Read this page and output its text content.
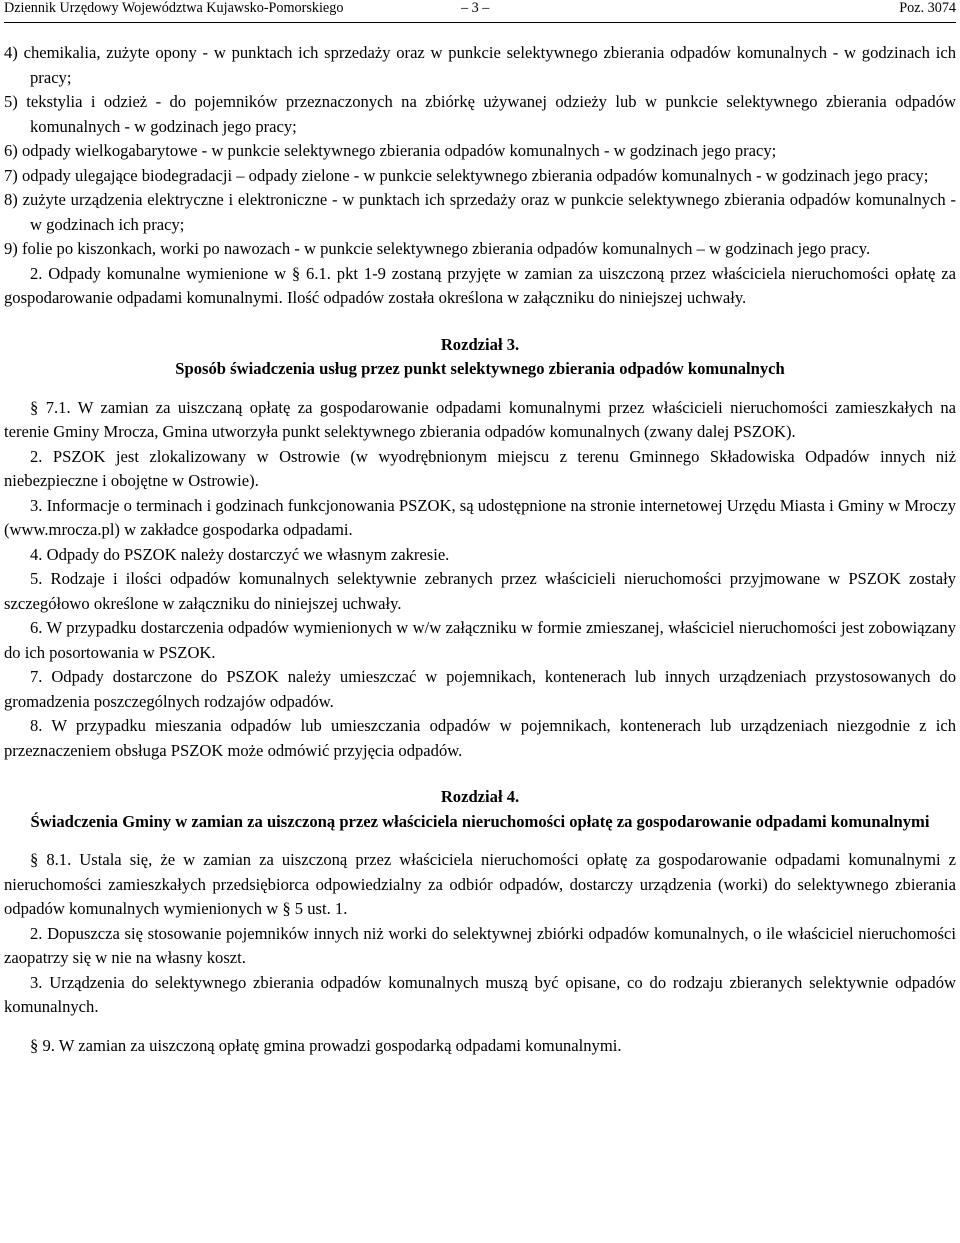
Dziennik Urzędowy Województwa Kujawsko-Pomorskiego	– 3 –	Poz. 3074

4) chemikalia, zużyte opony - w punktach ich sprzedaży oraz w punkcie selektywnego zbierania odpadów komunalnych - w godzinach ich pracy;

5) tekstylia i odzież - do pojemników przeznaczonych na zbiórkę używanej odzieży lub w punkcie selektywnego zbierania odpadów komunalnych - w godzinach jego pracy;

6) odpady wielkogabarytowe - w punkcie selektywnego zbierania odpadów komunalnych - w godzinach jego pracy;

7) odpady ulegające biodegradacji – odpady zielone - w punkcie selektywnego zbierania odpadów komunalnych - w godzinach jego pracy;

8) zużyte urządzenia elektryczne i elektroniczne - w punktach ich sprzedaży oraz w punkcie selektywnego zbierania odpadów komunalnych - w godzinach ich pracy;

9) folie po kiszonkach, worki po nawozach - w punkcie selektywnego zbierania odpadów komunalnych – w godzinach jego pracy.

2. Odpady komunalne wymienione w § 6.1. pkt 1-9 zostaną przyjęte w zamian za uiszczoną przez właściciela nieruchomości opłatę za gospodarowanie odpadami komunalnymi. Ilość odpadów została określona w załączniku do niniejszej uchwały.

Rozdział 3.

Sposób świadczenia usług przez punkt selektywnego zbierania odpadów komunalnych

§ 7.1. W zamian za uiszczaną opłatę za gospodarowanie odpadami komunalnymi przez właścicieli nieruchomości zamieszkałych na terenie Gminy Mrocza, Gmina utworzyła punkt selektywnego zbierania odpadów komunalnych (zwany dalej PSZOK).

2. PSZOK jest zlokalizowany w Ostrowie (w wyodrębnionym miejscu z terenu Gminnego Składowiska Odpadów innych niż niebezpieczne i obojętne w Ostrowie).

3. Informacje o terminach i godzinach funkcjonowania PSZOK, są udostępnione na stronie internetowej Urzędu Miasta i Gminy w Mroczy (www.mrocza.pl) w zakładce gospodarka odpadami.

4. Odpady do PSZOK należy dostarczyć we własnym zakresie.

5. Rodzaje i ilości odpadów komunalnych selektywnie zebranych przez właścicieli nieruchomości przyjmowane w PSZOK zostały szczegółowo określone w załączniku do niniejszej uchwały.

6. W przypadku dostarczenia odpadów wymienionych w w/w załączniku w formie zmieszanej, właściciel nieruchomości jest zobowiązany do ich posortowania w PSZOK.

7. Odpady dostarczone do PSZOK należy umieszczać w pojemnikach, kontenerach lub innych urządzeniach przystosowanych do gromadzenia poszczególnych rodzajów odpadów.

8. W przypadku mieszania odpadów lub umieszczania odpadów w pojemnikach, kontenerach lub urządzeniach niezgodnie z ich przeznaczeniem obsługa PSZOK może odmówić przyjęcia odpadów.

Rozdział 4.

Świadczenia Gminy w zamian za uiszczoną przez właściciela nieruchomości opłatę za gospodarowanie odpadami komunalnymi

§ 8.1. Ustala się, że w zamian za uiszczoną przez właściciela nieruchomości opłatę za gospodarowanie odpadami komunalnymi z nieruchomości zamieszkałych przedsiębiorca odpowiedzialny za odbiór odpadów, dostarczy urządzenia (worki) do selektywnego zbierania odpadów komunalnych wymienionych w § 5 ust. 1.

2. Dopuszcza się stosowanie pojemników innych niż worki do selektywnej zbiórki odpadów komunalnych, o ile właściciel nieruchomości zaopatrzy się w nie na własny koszt.

3. Urządzenia do selektywnego zbierania odpadów komunalnych muszą być opisane, co do rodzaju zbieranych selektywnie odpadów komunalnych.

§ 9. W zamian za uiszczoną opłatę gmina prowadzi gospodarką odpadami komunalnymi.
